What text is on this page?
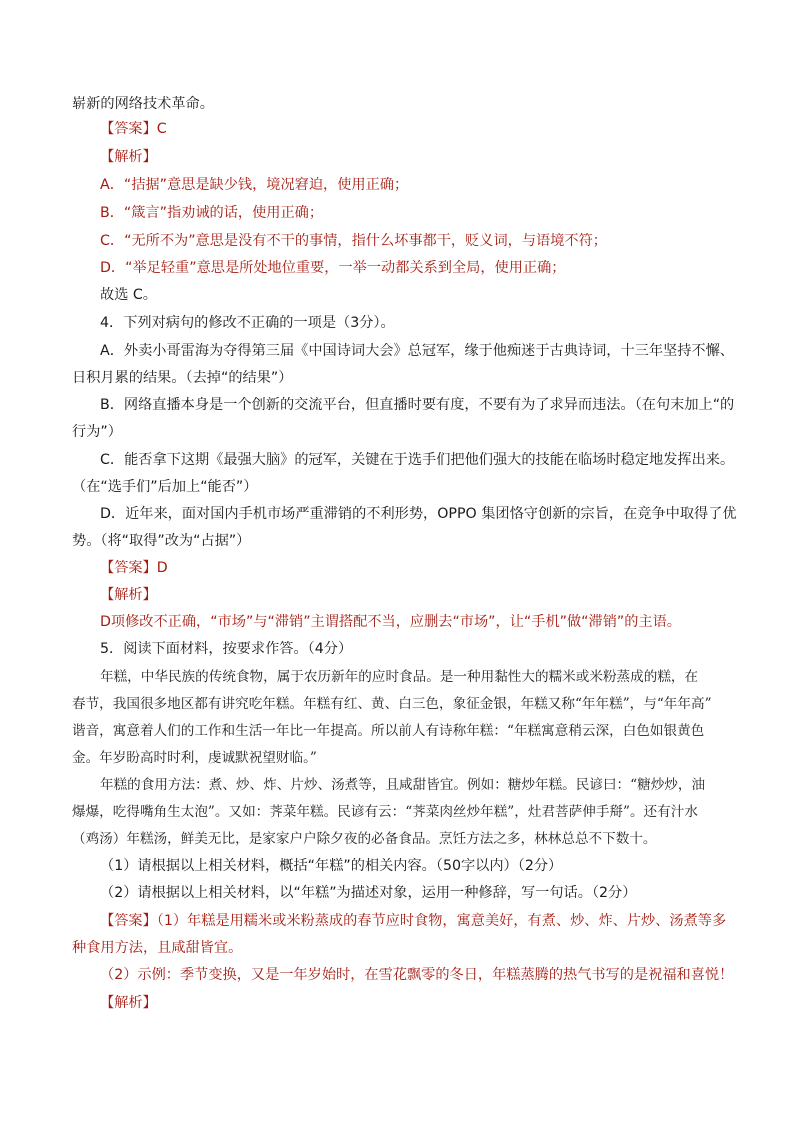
崭新的网络技术革命。
【答案】C
【解析】
A．“拮据”意思是缺少钱，境况窘迫，使用正确；
B．“箴言”指劝诫的话，使用正确；
C．“无所不为”意思是没有不干的事情，指什么坏事都干，贬义词，与语境不符；
D．“举足轻重”意思是所处地位重要，一举一动都关系到全局，使用正确；
故选 C。
4．下列对病句的修改不正确的一项是（3分）。
A．外卖小哥雷海为夺得第三届《中国诗词大会》总冠军，缘于他痴迷于古典诗词，十三年坚持不懈、
日积月累的结果。（去掉“的结果”）
B．网络直播本身是一个创新的交流平台，但直播时要有度，不要有为了求异而违法。（在句末加上“的
行为”）
C．能否拿下这期《最强大脑》的冠军，关键在于选手们把他们强大的技能在临场时稳定地发挥出来。
（在“选手们”后加上“能否”）
D．近年来，面对国内手机市场严重滞销的不利形势，OPPO 集团恪守创新的宗旨，在竞争中取得了优
势。（将“取得”改为“占据”）
【答案】D
【解析】
D项修改不正确，“市场”与“滞销”主谓搭配不当，应删去“市场”，让“手机”做“滞销”的主语。
5．阅读下面材料，按要求作答。（4分）
年糕，中华民族的传统食物，属于农历新年的应时食品。是一种用黏性大的糯米或米粉蒸成的糕，在
春节，我国很多地区都有讲究吃年糕。年糕有红、黄、白三色，象征金银，年糕又称“年年糕”，与“年年高”
谐音，寓意着人们的工作和生活一年比一年提高。所以前人有诗称年糕：“年糕寓意稍云深，白色如银黄色
金。年岁盼高时时利，虔诚默祝望财临。”
年糕的食用方法：煮、炒、炸、片炒、汤煮等，且咸甜皆宜。例如：糖炒年糕。民谚曰：“糖炒炒，油
爆爆，吃得嘴角生太泡”。又如：荠菜年糕。民谚有云：“荠菜肉丝炒年糕”，灶君菩萨伸手搿”。还有汁水
（鸡汤）年糕汤，鲜美无比，是家家户户除夕夜的必备食品。烹饪方法之多，林林总总不下数十。
（1）请根据以上相关材料，概括“年糕”的相关内容。（50字以内）（2分）
（2）请根据以上相关材料，以“年糕”为描述对象，运用一种修辞，写一句话。（2分）
【答案】（1）年糕是用糯米或米粉蒸成的春节应时食物，寓意美好，有煮、炒、炸、片炒、汤煮等多
种食用方法，且咸甜皆宜。
（2）示例：季节变换，又是一年岁始时，在雪花飘零的冬日，年糕蒸腾的热气书写的是祝福和喜悦！
【解析】
